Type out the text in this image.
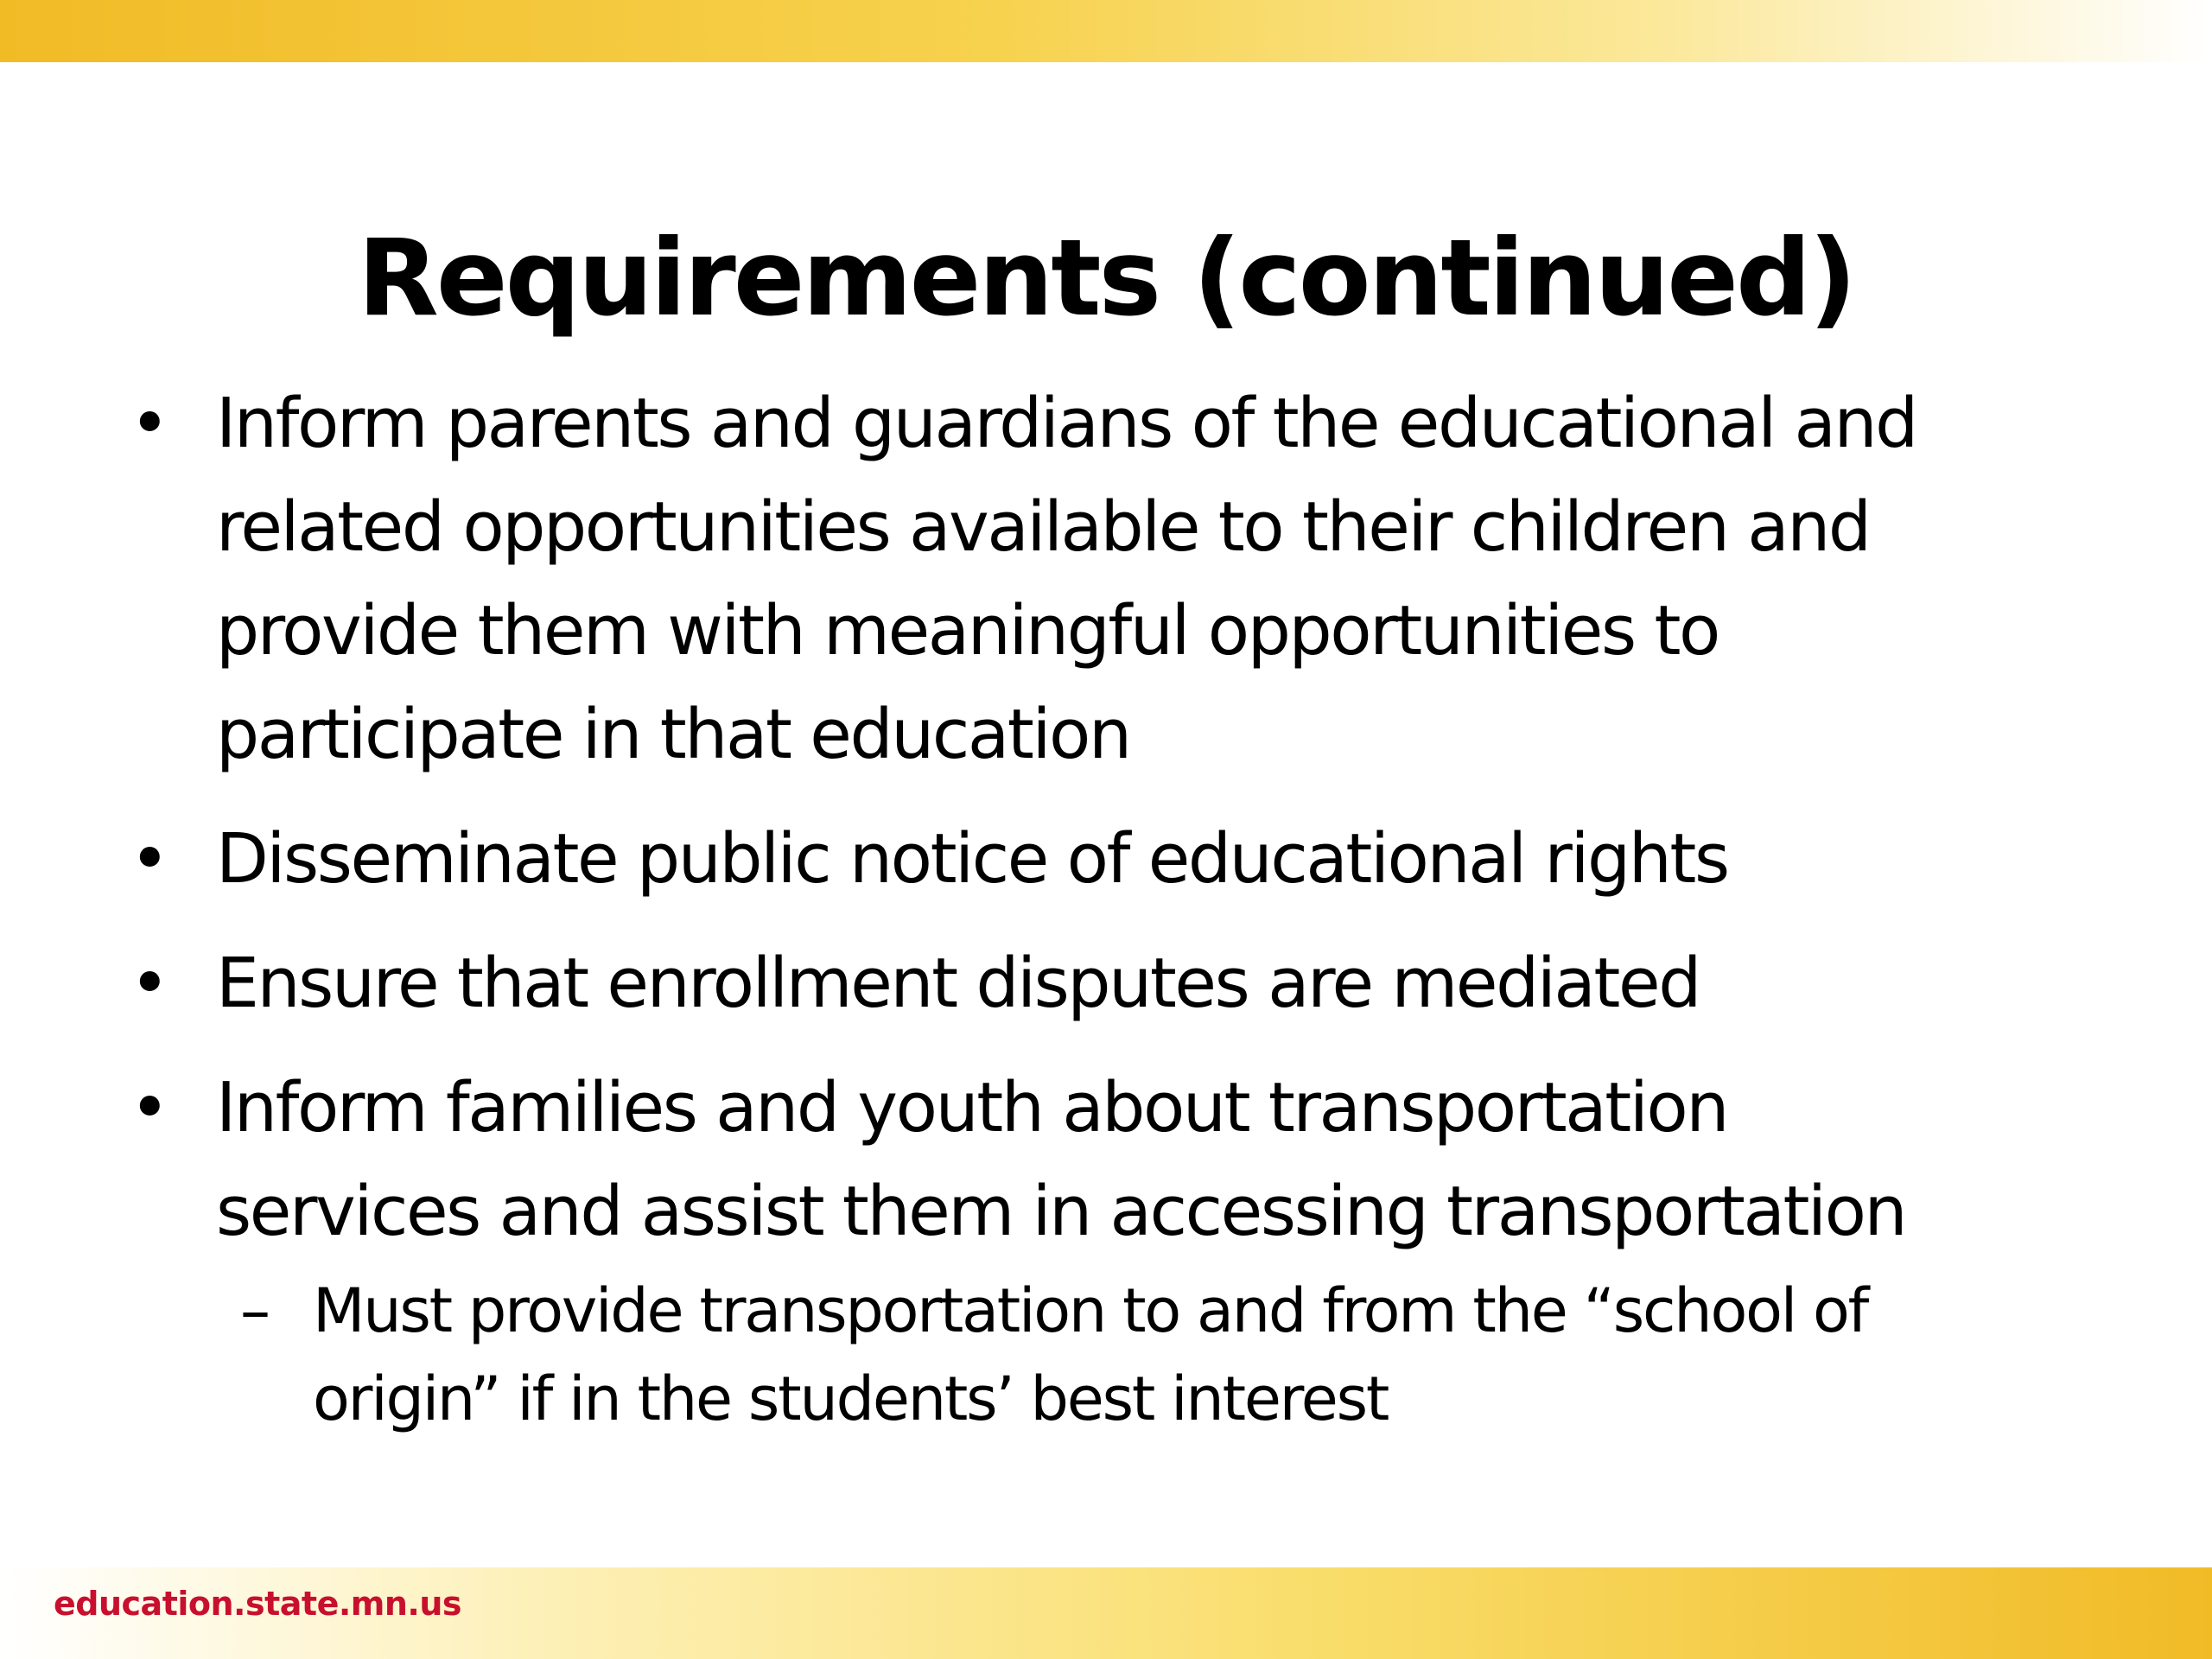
Requirements (continued)
• Inform parents and guardians of the educational and
related opportunities available to their children and
provide them with meaningful opportunities to
participate in that education
• Disseminate public notice of educational rights
• Ensure that enrollment disputes are mediated
• Inform families and youth about transportation
services and assist them in accessing transportation
– Must provide transportation to and from the “school of
origin” if in the students’ best interest
education.state.mn.us
